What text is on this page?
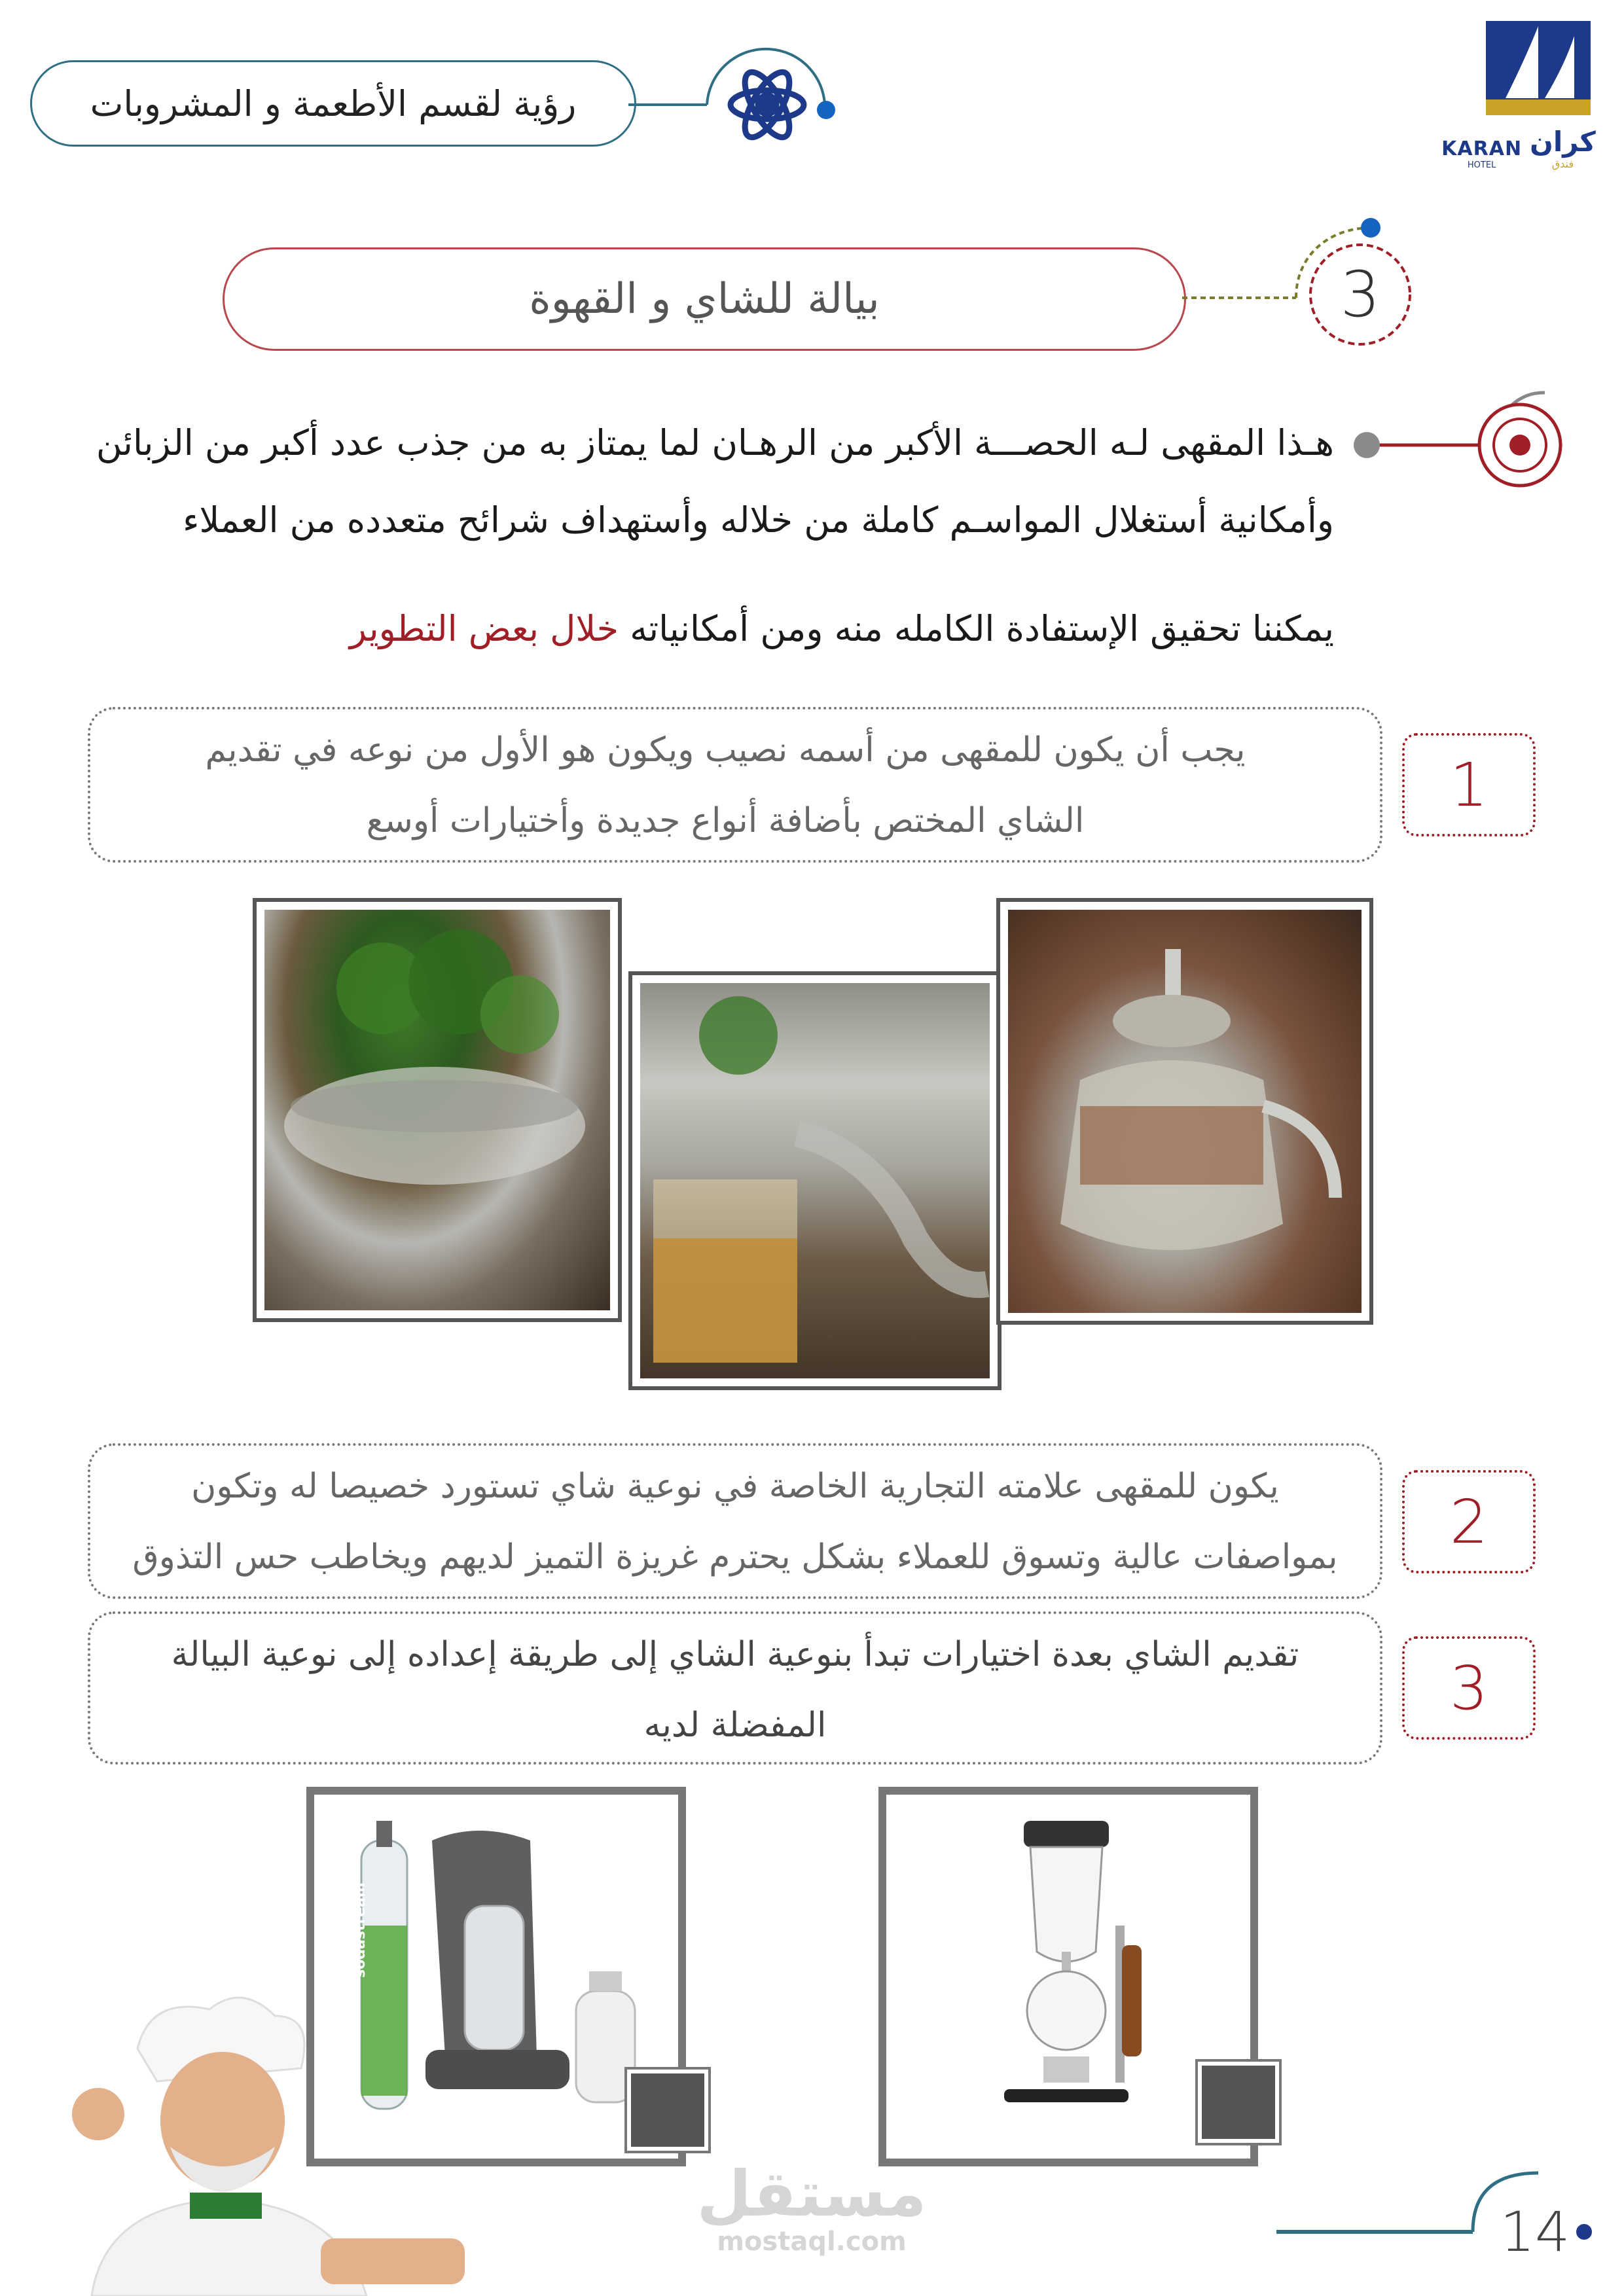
رؤية لقسم الأطعمة و المشروبات
KARAN
HOTEL
كران
فندق
بيالة للشاي و القهوة	3
هـذا المقهى لـه الحصـــة الأكبر من الرهـان لما يمتاز به من جذب عدد أكبر من الزبائن
وأمكانية أستغلال المواسـم كاملة من خلاله وأستهداف شرائح متعدده من العملاء
يمكننا تحقيق الإستفادة الكامله منه ومن أمكانياته خلال بعض التطوير
يجب أن يكون للمقهى من أسمه نصيب ويكون هو الأول من نوعه في تقديم
الشاي المختص بأضافة أنواع جديدة وأختيارات أوسع
1
يكون للمقهى علامته التجارية الخاصة في نوعية شاي تستورد خصيصا له وتكون
بمواصفات عالية وتسوق للعملاء بشكل يحترم غريزة التميز لديهم ويخاطب حس التذوق
2
تقديم الشاي بعدة اختيارات تبدأ بنوعية الشاي إلى طريقة إعداده إلى نوعية البيالة
المفضلة لديه
3
sodastream
مستقل
mostaql.com	14
